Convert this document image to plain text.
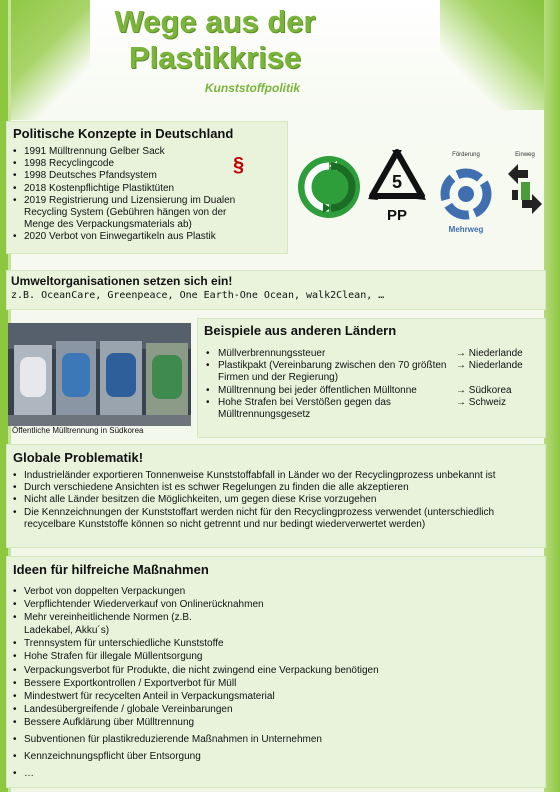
Wege aus der
Plastikkrise
Kunststoffpolitik
Politische Konzepte in Deutschland
• 1991 Mülltrennung Gelber Sack
• 1998 Recyclingcode
• 1998 Deutsches Pfandsystem
• 2018 Kostenpflichtige Plastiktüten
• 2019 Registrierung und Lizensierung im Dualen Recycling System (Gebühren hängen von der Menge des Verpackungsmaterials ab)
• 2020 Verbot von Einwegartikeln aus Plastik
§
5
PP
Förderung
Mehrweg
Einweg
Umweltorganisationen setzen sich ein!

z.B. OceanCare, Greenpeace, One Earth-One Ocean, walk2Clean, …

Öffentliche Mülltrennung in Südkorea
Beispiele aus anderen Ländern
• Müllverbrennungssteuer	→ Niederlande
• Plastikpakt (Vereinbarung zwischen den 70 größten Firmen und der Regierung)
→ Niederlande
• Mülltrennung bei jeder öffentlichen Mülltonne	→ Südkorea
• Hohe Strafen bei Verstößen gegen das Mülltrennungsgesetz
→ Schweiz
Globale Problematik!
• Industrieländer exportieren Tonnenweise Kunststoffabfall in Länder wo der Recyclingprozess unbekannt ist
• Durch verschiedene Ansichten ist es schwer Regelungen zu finden die alle akzeptieren
• Nicht alle Länder besitzen die Möglichkeiten, um gegen diese Krise vorzugehen
• Die Kennzeichnungen der Kunststoffart werden nicht für den Recyclingprozess verwendet (unterschiedlich recycelbare Kunststoffe können so nicht getrennt und nur bedingt wiederverwertet werden)
Ideen für hilfreiche Maßnahmen
• Verbot von doppelten Verpackungen
• Verpflichtender Wiederverkauf von Onlinerücknahmen
• Mehr vereinheitlichende Normen (z.B. Ladekabel, Akku´s)
• Trennsystem für unterschiedliche Kunststoffe
• Hohe Strafen für illegale Müllentsorgung
• Verpackungsverbot für Produkte, die nicht zwingend eine Verpackung benötigen
• Bessere Exportkontrollen / Exportverbot für Müll
• Mindestwert für recycelten Anteil in Verpackungsmaterial
• Landesübergreifende / globale Vereinbarungen
• Bessere Aufklärung über Mülltrennung
• Subventionen für plastikreduzierende Maßnahmen in Unternehmen
• Kennzeichnungspflicht über Entsorgung
• …
